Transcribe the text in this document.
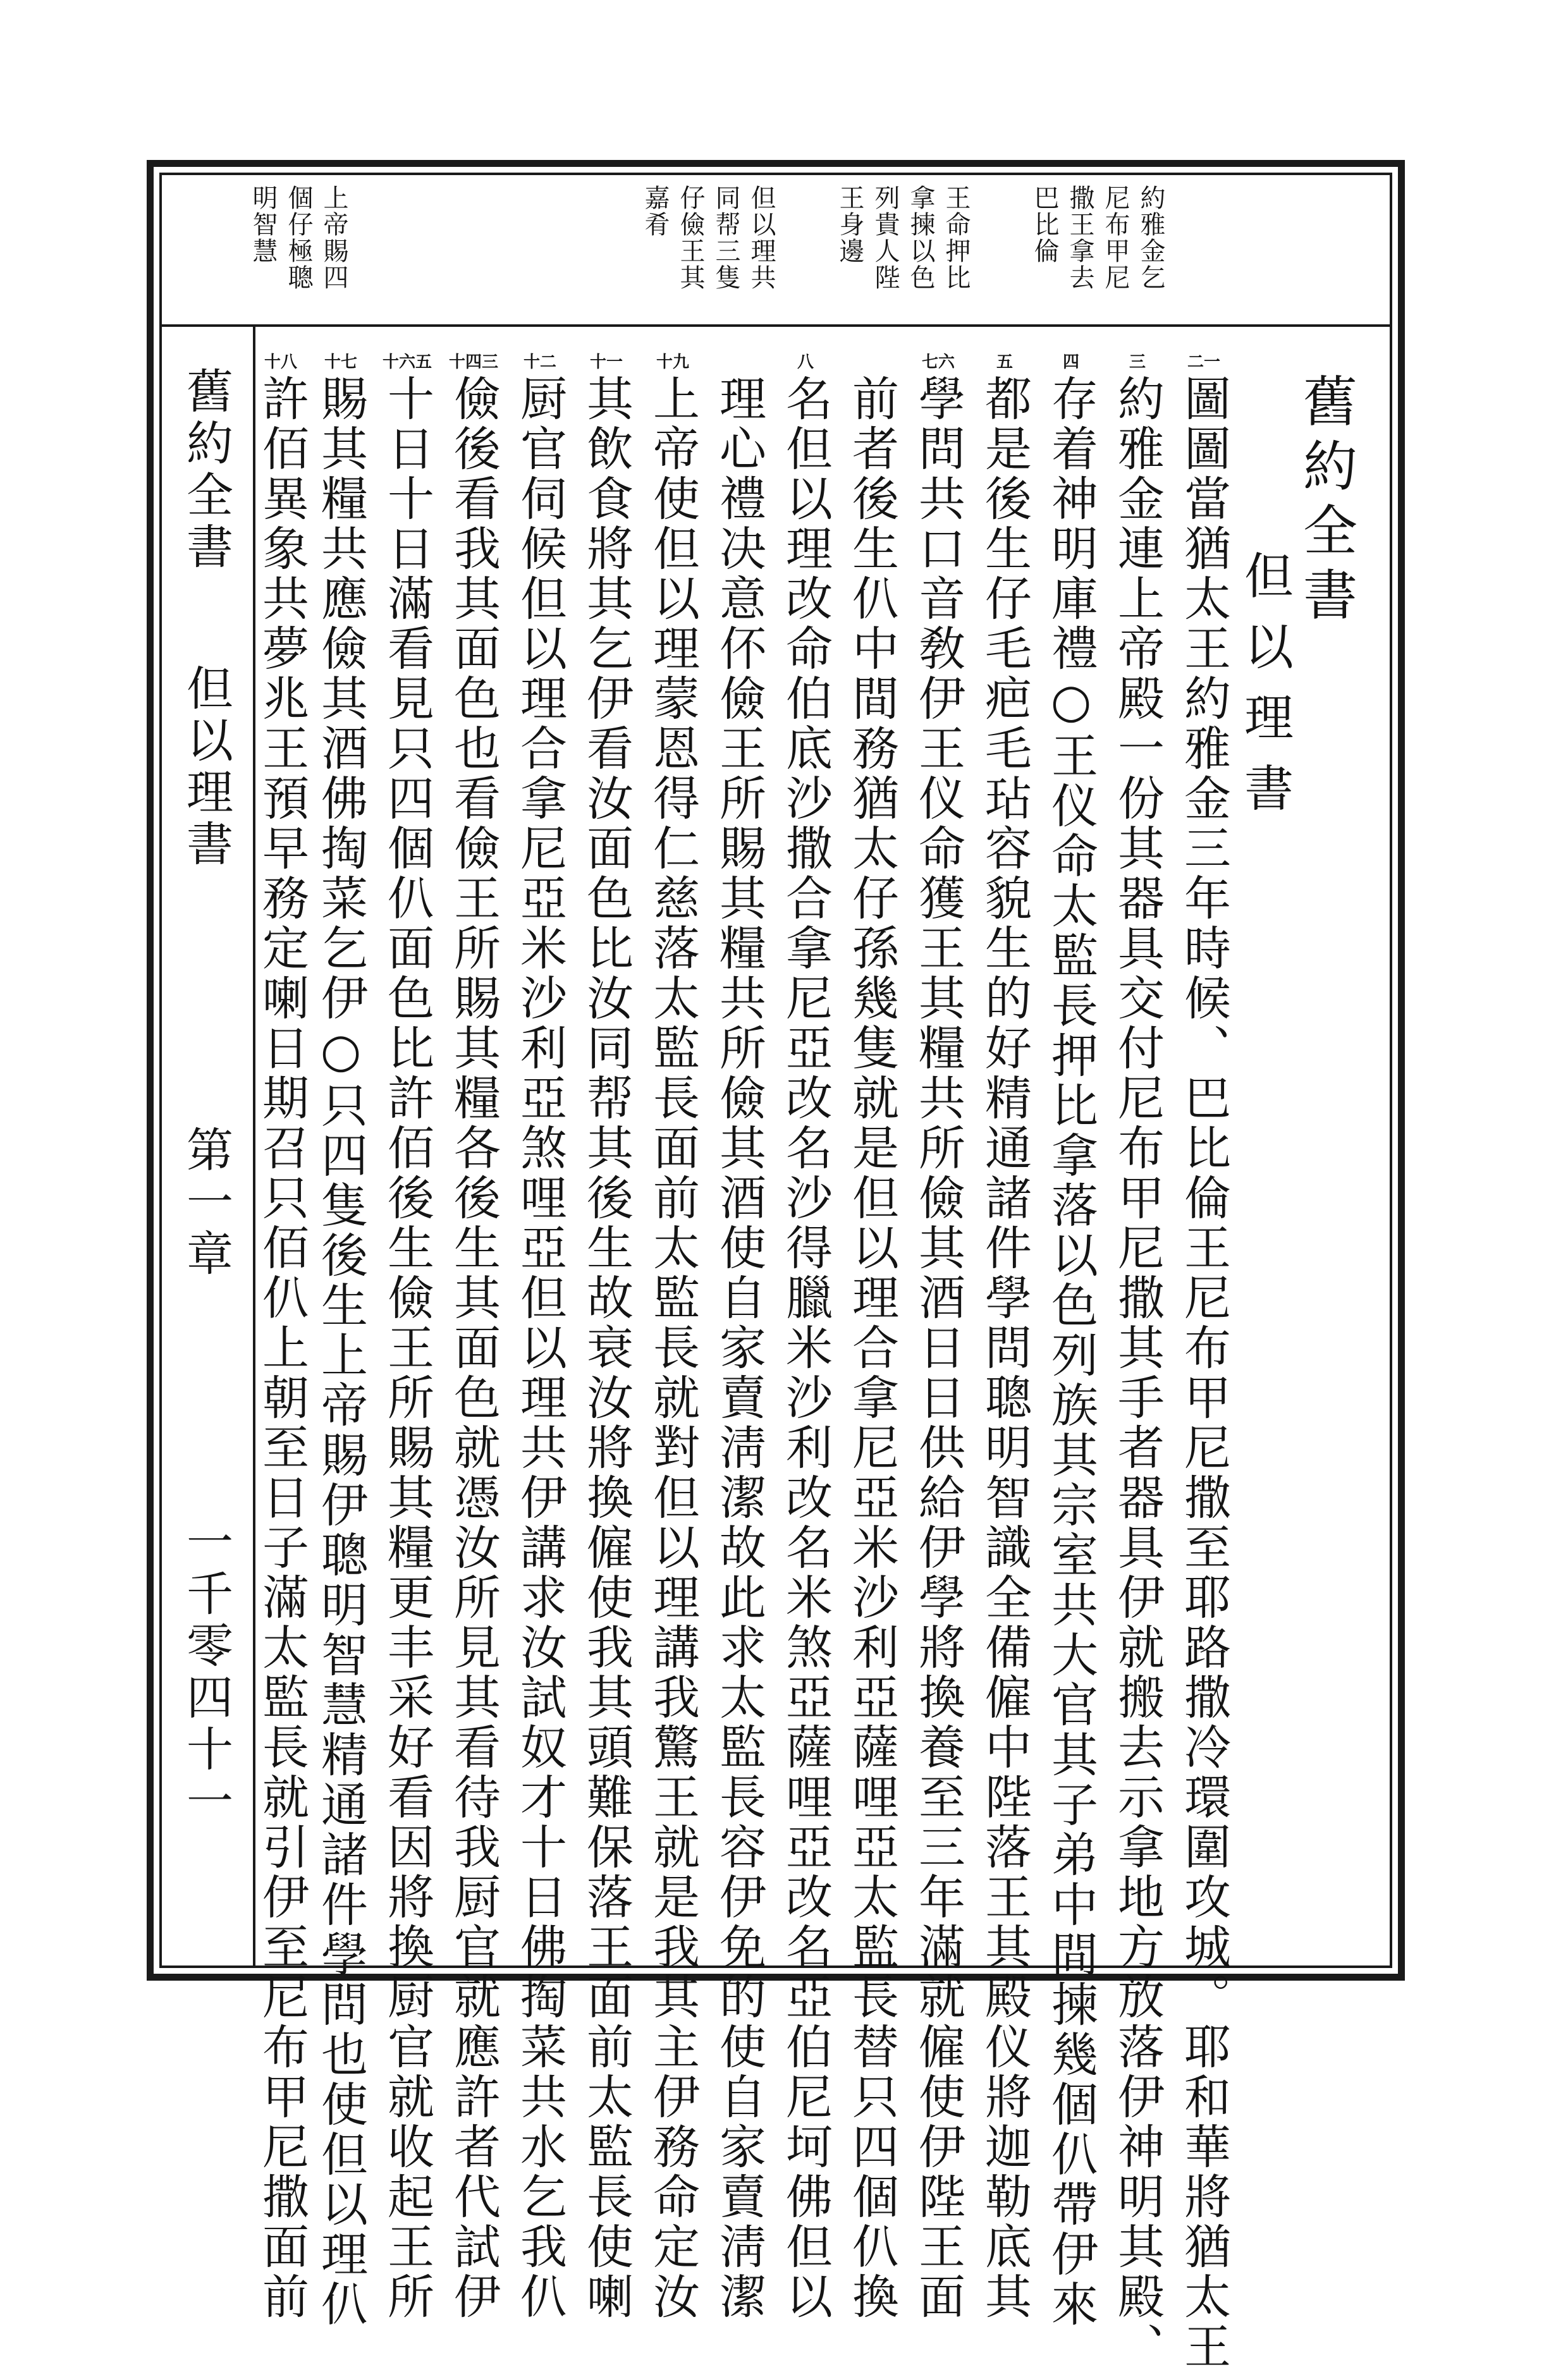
約雅金乞
尼布甲尼
撒王拿去
巴比倫
王命押比
拿揀以色
列貴人陛
王身邊
但以理共
同帮三隻
仔儉王其
嘉肴
上帝賜四
個仔極聰
明智慧
舊約全書
但以理書
二一
三
四
五
七六
八
十九
十一
十二
十四三
十六五
十七
十八
圖圖當猶太王約雅金三年時候、巴比倫王尼布甲尼撒至耶路撒冷環圍攻城。耶和華將猶太王
約雅金連上帝殿一份其器具交付尼布甲尼撒其手者器具伊就搬去示拿地方放落伊神明其殿、
存着神明庫禮○王仪命太監長押比拿落以色列族其宗室共大官其子弟中間揀幾個仈帶伊來
都是後生仔毛疤毛玷容貌生的好精通諸件學問聰明智識全備僱中陛落王其殿仪將迦勒底其
學問共口音敎伊王仪命獲王其糧共所儉其酒日日供給伊學將換養至三年滿就僱使伊陛王面
前者後生仈中間務猶太仔孫幾隻就是但以理合拿尼亞米沙利亞薩哩亞太監長替只四個仈換
名但以理改命伯底沙撒合拿尼亞改名沙得臘米沙利改名米煞亞薩哩亞改名亞伯尼坷佛但以
理心禮决意伓儉王所賜其糧共所儉其酒使自家賣淸潔故此求太監長容伊免的使自家賣淸潔
上帝使但以理蒙恩得仁慈落太監長面前太監長就對但以理講我驚王就是我其主伊務命定汝
其飲食將其乞伊看汝面色比汝同帮其後生故衰汝將換僱使我其頭難保落王面前太監長使喇
厨官伺候但以理合拿尼亞米沙利亞煞哩亞但以理共伊講求汝試奴才十日佛掏菜共水乞我仈
儉後看我其面色也看儉王所賜其糧各後生其面色就憑汝所見其看待我厨官就應許者代試伊
十日十日滿看見只四個仈面色比許佰後生儉王所賜其糧更丰采好看因將換厨官就收起王所
賜其糧共應儉其酒佛掏菜乞伊○只四隻後生上帝賜伊聰明智慧精通諸件學問也使但以理仈
許佰異象共夢兆王預早務定喇日期召只佰仈上朝至日子滿太監長就引伊至尼布甲尼撒面前
舊約全書
但以理書
第一章
一千零四十一
